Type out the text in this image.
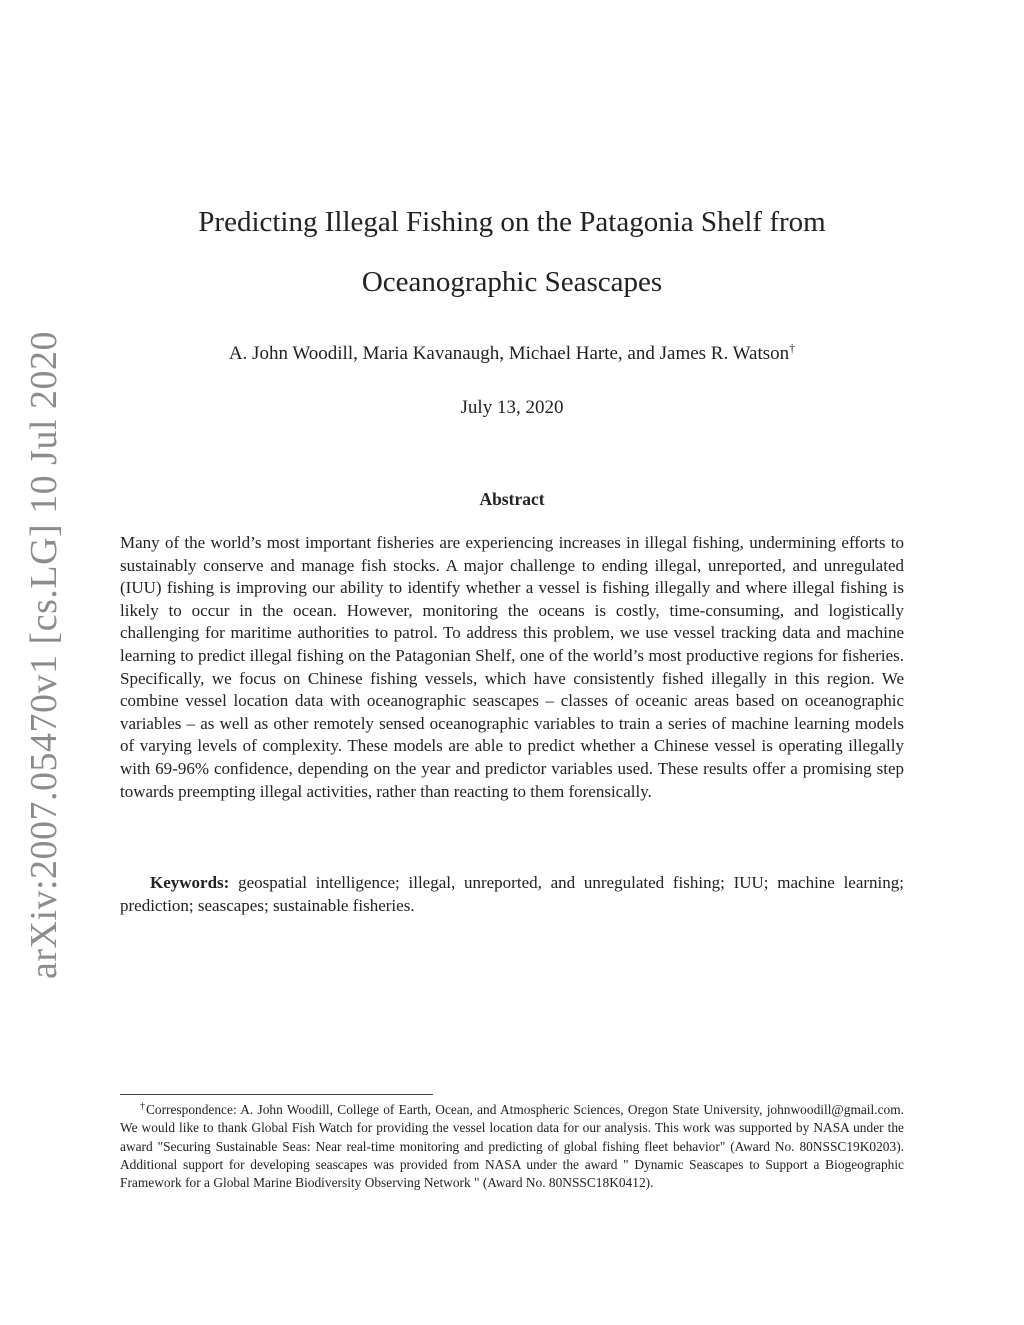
arXiv:2007.05470v1 [cs.LG] 10 Jul 2020
Predicting Illegal Fishing on the Patagonia Shelf from
Oceanographic Seascapes
A. John Woodill, Maria Kavanaugh, Michael Harte, and James R. Watson†
July 13, 2020
Abstract

Many of the world’s most important fisheries are experiencing increases in illegal fishing, undermining efforts to sustainably conserve and manage fish stocks. A major challenge to ending illegal, unreported, and unregulated (IUU) fishing is improving our ability to identify whether a vessel is fishing illegally and where illegal fishing is likely to occur in the ocean. However, monitoring the oceans is costly, time-consuming, and logistically challenging for maritime authorities to patrol. To address this problem, we use vessel tracking data and machine learning to predict illegal fishing on the Patagonian Shelf, one of the world’s most productive regions for fisheries. Specifically, we focus on Chinese fishing vessels, which have consistently fished illegally in this region. We combine vessel location data with oceanographic seascapes – classes of oceanic areas based on oceanographic variables – as well as other remotely sensed oceanographic variables to train a series of machine learning models of varying levels of complexity. These models are able to predict whether a Chinese vessel is operating illegally with 69-96% confidence, depending on the year and predictor variables used. These results offer a promising step towards preempting illegal activities, rather than reacting to them forensically.

Keywords: geospatial intelligence; illegal, unreported, and unregulated fishing; IUU; machine learning; prediction; seascapes; sustainable fisheries.

†Correspondence: A. John Woodill, College of Earth, Ocean, and Atmospheric Sciences, Oregon State University, johnwoodill@gmail.com. We would like to thank Global Fish Watch for providing the vessel location data for our analysis. This work was supported by NASA under the award "Securing Sustainable Seas: Near real-time monitoring and predicting of global fishing fleet behavior" (Award No. 80NSSC19K0203). Additional support for developing seascapes was provided from NASA under the award " Dynamic Seascapes to Support a Biogeographic Framework for a Global Marine Biodiversity Observing Network " (Award No. 80NSSC18K0412).
